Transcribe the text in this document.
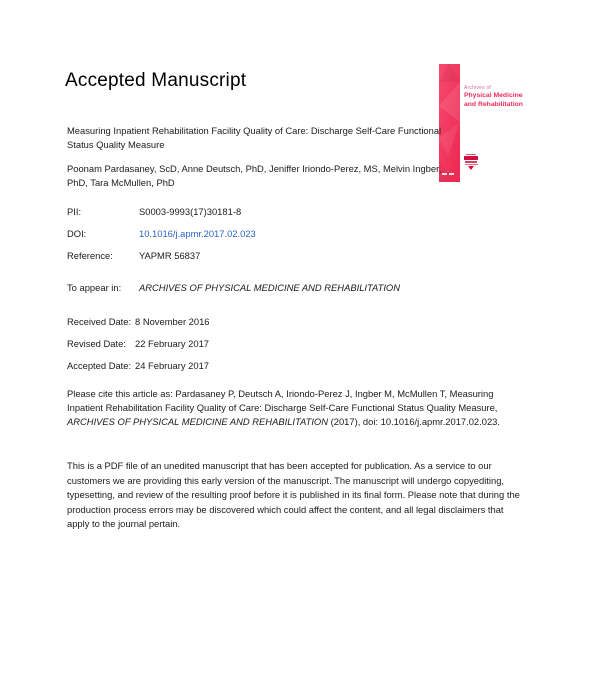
Accepted Manuscript	Archives of
Physical Medicine
and Rehabilitation
Measuring Inpatient Rehabilitation Facility Quality of Care: Discharge Self-Care Functional Status Quality Measure
Poonam Pardasaney, ScD, Anne Deutsch, PhD, Jeniffer Iriondo-Perez, MS, Melvin Ingber, PhD, Tara McMullen, PhD
PII:	S0003-9993(17)30181-8
DOI:	10.1016/j.apmr.2017.02.023
Reference:	YAPMR 56837
To appear in: ARCHIVES OF PHYSICAL MEDICINE AND REHABILITATION
Received Date: 8 November 2016
Revised Date: 22 February 2017
Accepted Date: 24 February 2017
Please cite this article as: Pardasaney P, Deutsch A, Iriondo-Perez J, Ingber M, McMullen T, Measuring Inpatient Rehabilitation Facility Quality of Care: Discharge Self-Care Functional Status Quality Measure, ARCHIVES OF PHYSICAL MEDICINE AND REHABILITATION (2017), doi: 10.1016/j.apmr.2017.02.023.
This is a PDF file of an unedited manuscript that has been accepted for publication. As a service to our customers we are providing this early version of the manuscript. The manuscript will undergo copyediting, typesetting, and review of the resulting proof before it is published in its final form. Please note that during the production process errors may be discovered which could affect the content, and all legal disclaimers that apply to the journal pertain.
